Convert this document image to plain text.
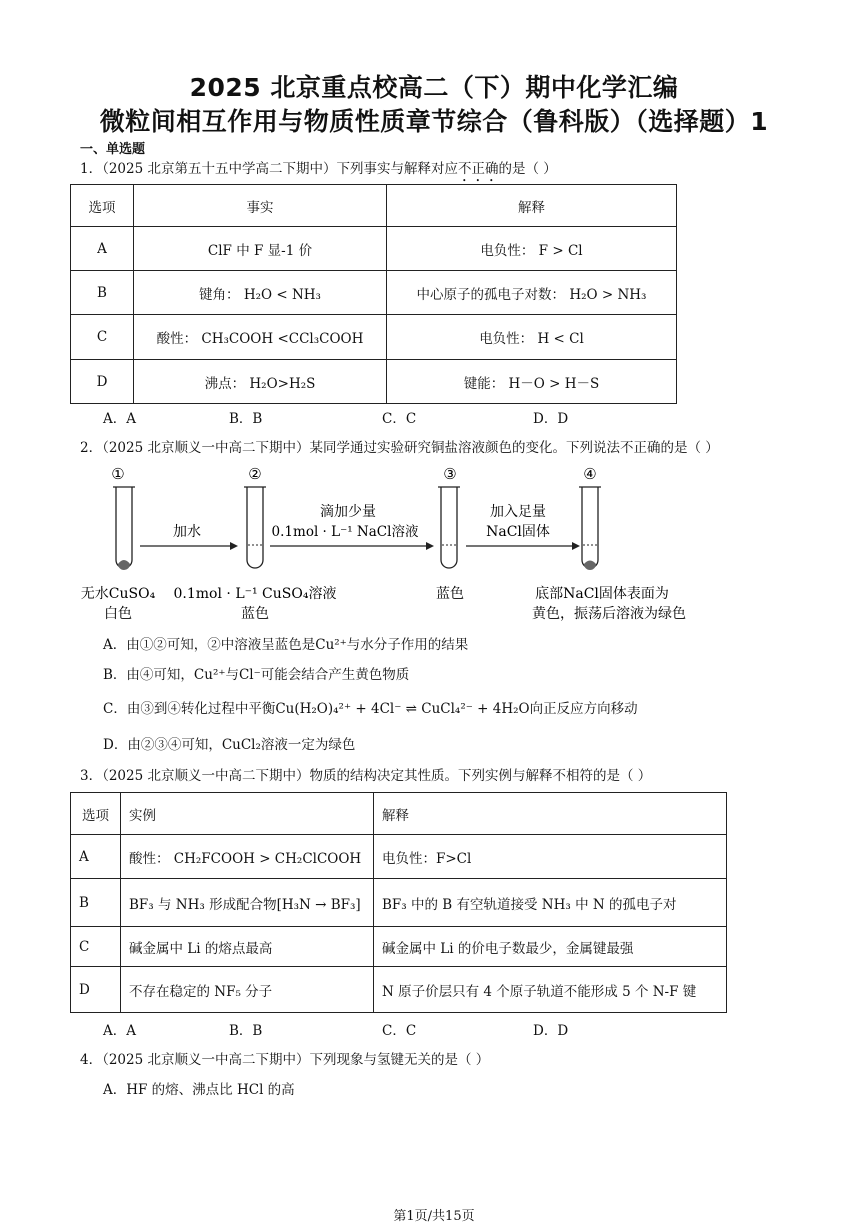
2025 北京重点校高二（下）期中化学汇编
微粒间相互作用与物质性质章节综合（鲁科版）（选择题）1
一、单选题
1．（2025 北京第五十五中学高二下期中）下列事实与解释对应不正确的是（ ）
选项	事实	解释
A	ClF 中 F 显-1 价	电负性： F > Cl
B	键角： H₂O < NH₃	中心原子的孤电子对数： H₂O > NH₃
C	酸性： CH₃COOH <CCl₃COOH	电负性： H < Cl
D	沸点： H₂O>H₂S	键能： H－O > H－S
A．A	B．B	C．C	D．D
2．（2025 北京顺义一中高二下期中）某同学通过实验研究铜盐溶液颜色的变化。下列说法不正确的是（ ）
①
加水
②
滴加少量
0.1mol · L⁻¹ NaCl溶液
③
加入足量
NaCl固体
④
无水CuSO₄
白色
0.1mol · L⁻¹ CuSO₄溶液
蓝色
蓝色	底部NaCl固体表面为
黄色，振荡后溶液为绿色
A．由①②可知，②中溶液呈蓝色是Cu²⁺与水分子作用的结果
B．由④可知，Cu²⁺与Cl⁻可能会结合产生黄色物质
C．由③到④转化过程中平衡Cu(H₂O)₄²⁺ + 4Cl⁻ ⇌ CuCl₄²⁻ + 4H₂O向正反应方向移动
D．由②③④可知，CuCl₂溶液一定为绿色
3．（2025 北京顺义一中高二下期中）物质的结构决定其性质。下列实例与解释不相符的是（ ）
选项	实例	解释
A	酸性： CH₂FCOOH > CH₂ClCOOH	电负性：F>Cl
B	BF₃ 与 NH₃ 形成配合物[H₃N → BF₃]	BF₃ 中的 B 有空轨道接受 NH₃ 中 N 的孤电子对
C	碱金属中 Li 的熔点最高	碱金属中 Li 的价电子数最少，金属键最强
D	不存在稳定的 NF₅ 分子	N 原子价层只有 4 个原子轨道不能形成 5 个 N-F 键
A．A	B．B	C．C	D．D
4．（2025 北京顺义一中高二下期中）下列现象与氢键无关的是（ ）
A．HF 的熔、沸点比 HCl 的高
第1页/共15页
